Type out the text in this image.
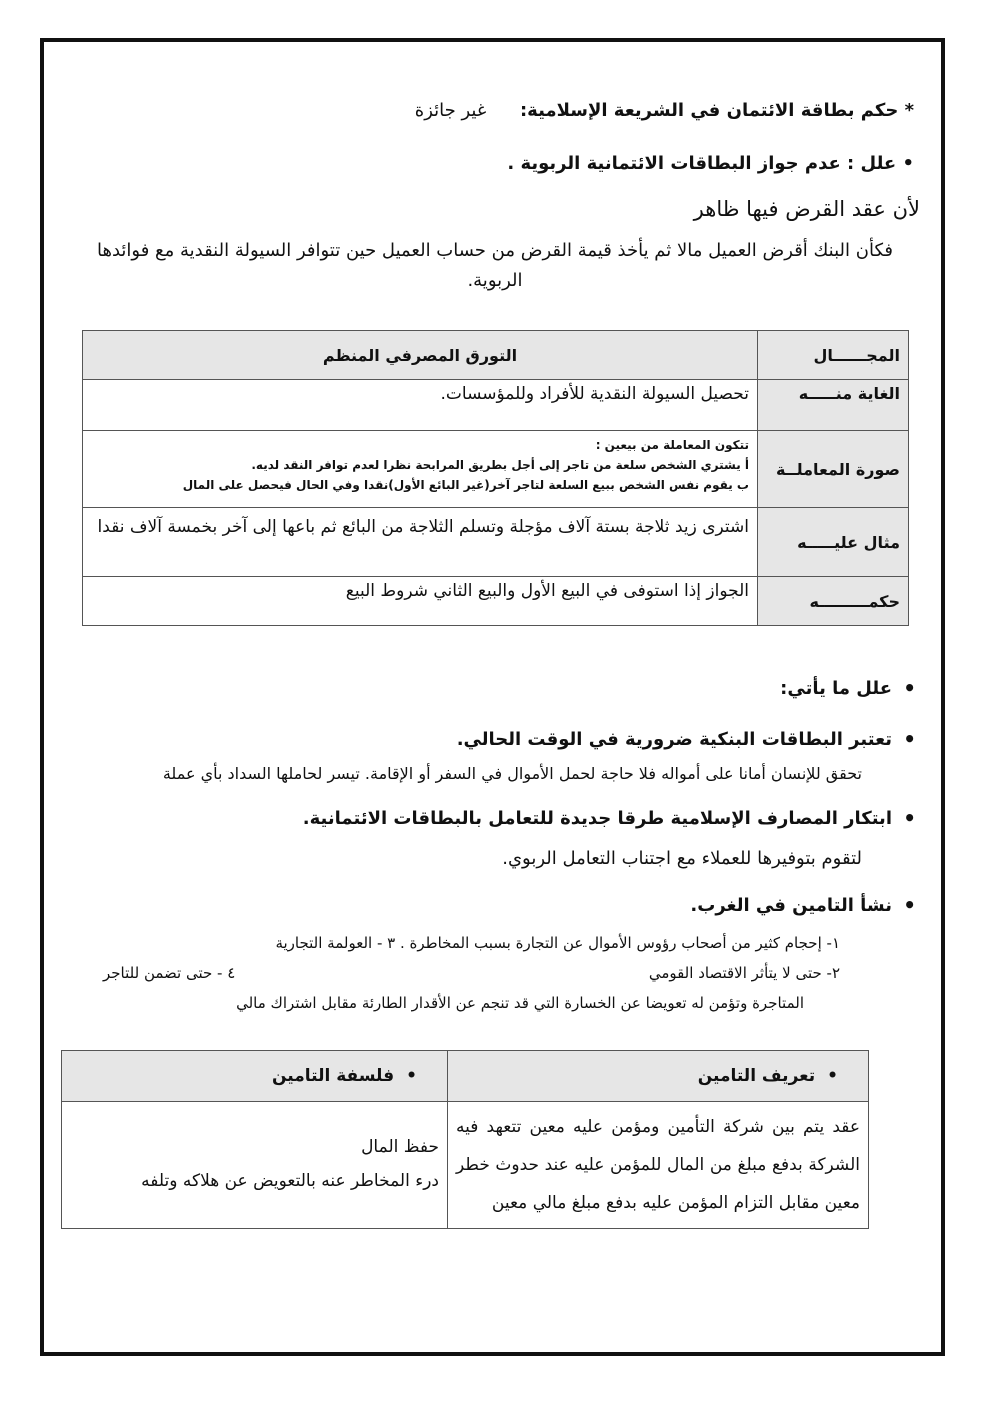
* حكم بطاقة الائتمان في الشريعة الإسلامية: غير جائزة
• علل : عدم جواز البطاقات الائتمانية الربوية .
لأن عقد القرض فيها ظاهر
فكأن البنك أقرض العميل مالا ثم يأخذ قيمة القرض من حساب العميل حين تتوافر السيولة النقدية مع فوائدها الربوية.
المجــــــال	التورق المصرفي المنظم
الغاية منـــــه	تحصيل السيولة النقدية للأفراد وللمؤسسات.
صورة المعاملــة	تتكون المعاملة من بيعين :
أ يشتري الشخص سلعة من تاجر إلى أجل بطريق المرابحة نظرا لعدم توافر النقد لديه.
ب يقوم نفس الشخص ببيع السلعة لتاجر آخر(غير البائع الأول)نقدا وفي الحال فيحصل على المال

مثال عليـــــه	اشترى زيد ثلاجة بستة آلاف مؤجلة وتسلم الثلاجة من البائع ثم باعها إلى آخر بخمسة آلاف نقدا
حكمـــــــــه	الجواز إذا استوفى في البيع الأول والبيع الثاني شروط البيع
• علل ما يأتي:
• تعتبر البطاقات البنكية ضرورية في الوقت الحالي.
تحقق للإنسان أمانا على أمواله فلا حاجة لحمل الأموال في السفر أو الإقامة. تيسر لحاملها السداد بأي عملة
• ابتكار المصارف الإسلامية طرقا جديدة للتعامل بالبطاقات الائتمانية.
لتقوم بتوفيرها للعملاء مع اجتناب التعامل الربوي.
• نشأ التامين في الغرب.
١- إحجام كثير من أصحاب رؤوس الأموال عن التجارة بسبب المخاطرة . ٣ - العولمة التجارية
٢- حتى لا يتأثر الاقتصاد القومي
٤ - حتى تضمن للتاجر
المتاجرة وتؤمن له تعويضا عن الخسارة التي قد تنجم عن الأقدار الطارئة مقابل اشتراك مالي
•تعريف التامين	•فلسفة التامين
عقد يتم بين شركة التأمين ومؤمن عليه معين تتعهد فيه الشركة بدفع مبلغ من المال للمؤمن عليه عند حدوث خطر معين مقابل التزام المؤمن عليه بدفع مبلغ مالي معين	حفظ المال
درء المخاطر عنه بالتعويض عن هلاكه وتلفه
